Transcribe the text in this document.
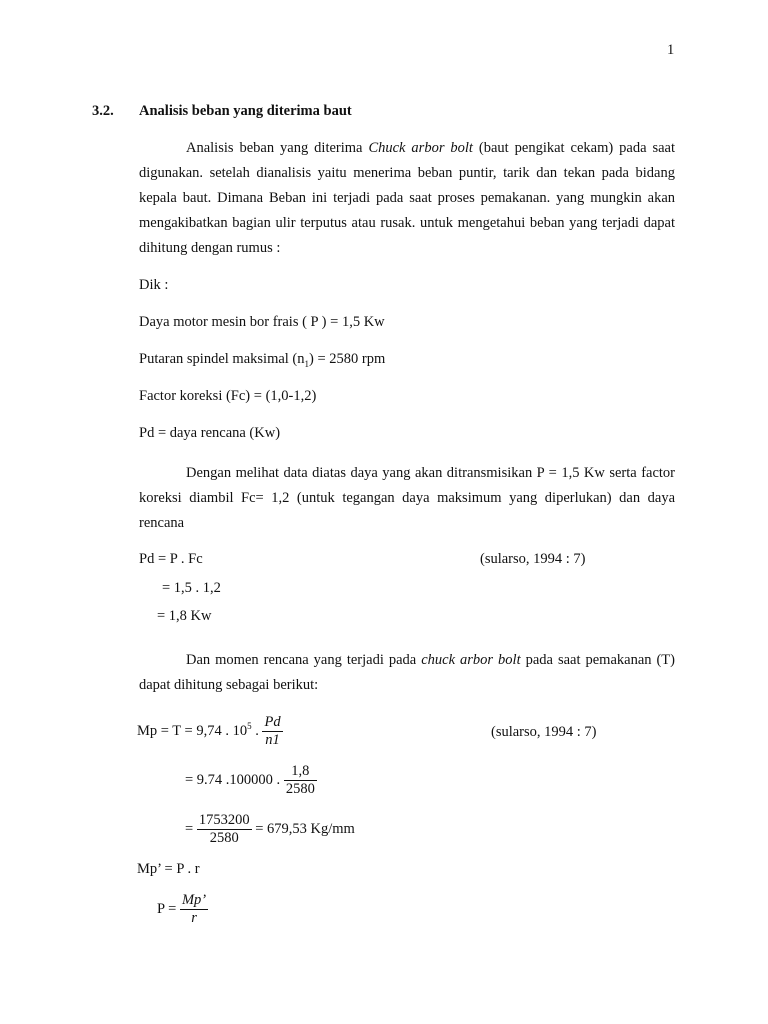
1
3.2. Analisis beban yang diterima baut
Analisis beban yang diterima Chuck arbor bolt (baut pengikat cekam) pada saat digunakan. setelah dianalisis yaitu menerima beban puntir, tarik dan tekan pada bidang kepala baut. Dimana Beban ini terjadi pada saat proses pemakanan. yang mungkin akan mengakibatkan bagian ulir terputus atau rusak. untuk mengetahui beban yang terjadi dapat dihitung dengan rumus :
Dik :
Daya motor mesin bor frais ( P ) = 1,5 Kw
Putaran spindel maksimal $(n_1) = 2580$ rpm
Factor koreksi (Fc) = (1,0-1,2)
Pd = daya rencana (Kw)
Dengan melihat data diatas daya yang akan ditransmisikan P = 1,5 Kw serta factor koreksi diambil Fc= 1,2 (untuk tegangan daya maksimum yang diperlukan) dan daya rencana
Pd = P . Fc	(sularso, 1994 : 7)
= 1,5 . 1,2
= 1,8 Kw
Dan momen rencana yang terjadi pada chuck arbor bolt pada saat pemakanan (T) dapat dihitung sebagai berikut:
Mp = T = 9,74 . $10^5$ . $\frac{Pd}{n1}$	(sularso, 1994 : 7)
= 9.74 .100000 . $\frac{1,8}{2580}$
= $\frac{1753200}{2580} = 679,53$ Kg/mm
Mp’ = P . r
$P = \frac{Mp’}{r}$
